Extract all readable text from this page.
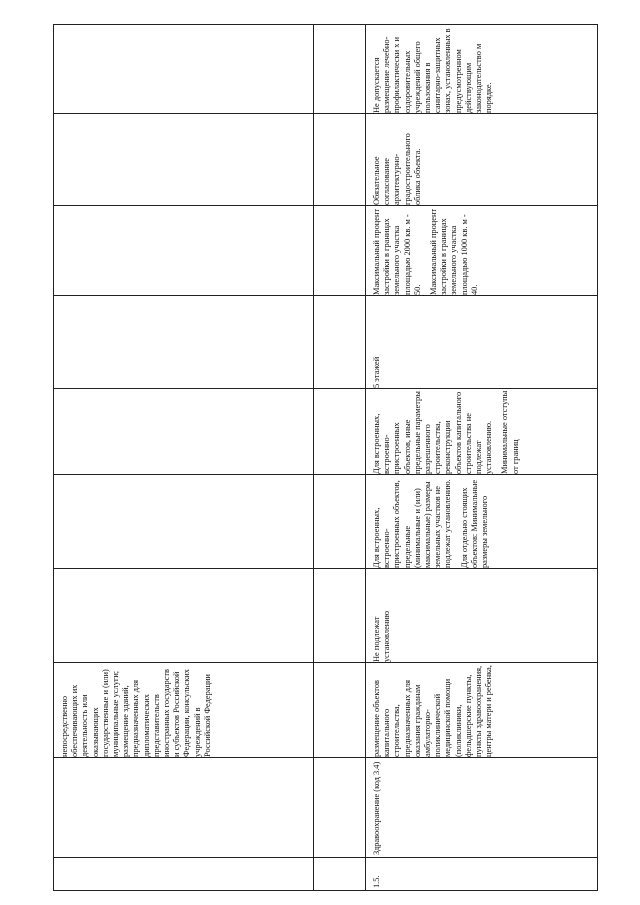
Не допускается размещение лечебно-профилактически х и оздоровительных учреждений общего пользования в санитарно-защитных зонах, установленных в предусмотренном действующим законодательство м порядке.
Обязательное согласование архитектурно-градостроительного облика объекта.
Максимальный процент застройки в границах земельного участка площадью 2000 кв. м - 50. Максимальный процент застройки в границах земельного участка площадью 1000 кв. м - 40.
5 этажей
Для встроенных, встроенно-пристроенных объектов, иные предельные параметры разрешенного строительства, реконструкции объектов капитального строительства не подлежат установлению. Минимальные отступы от границ
Для встроенных, встроенно-пристроенных объектов, предельные (минимальные и (или) максимальные) размеры земельных участков не подлежат установлению. Для отдельно стоящих объектов: Минимальные размеры земельного
Не подлежат установлению
непосредственно обеспечивающих их деятельность или оказывающих государственные и (или) муниципальные услуги; размещение зданий, предназначенных для дипломатических представительств иностранных государств и субъектов Российской Федерации, консульских учреждений в Российской Федерации
1.5.
Здравоохранение (код 3.4)
размещение объектов капитального строительства, предназначенных для оказания гражданам амбулаторно-поликлинической медицинской помощи (поликлиники, фельдшерские пункты, пункты здравоохранения, центры матери и ребенка,
